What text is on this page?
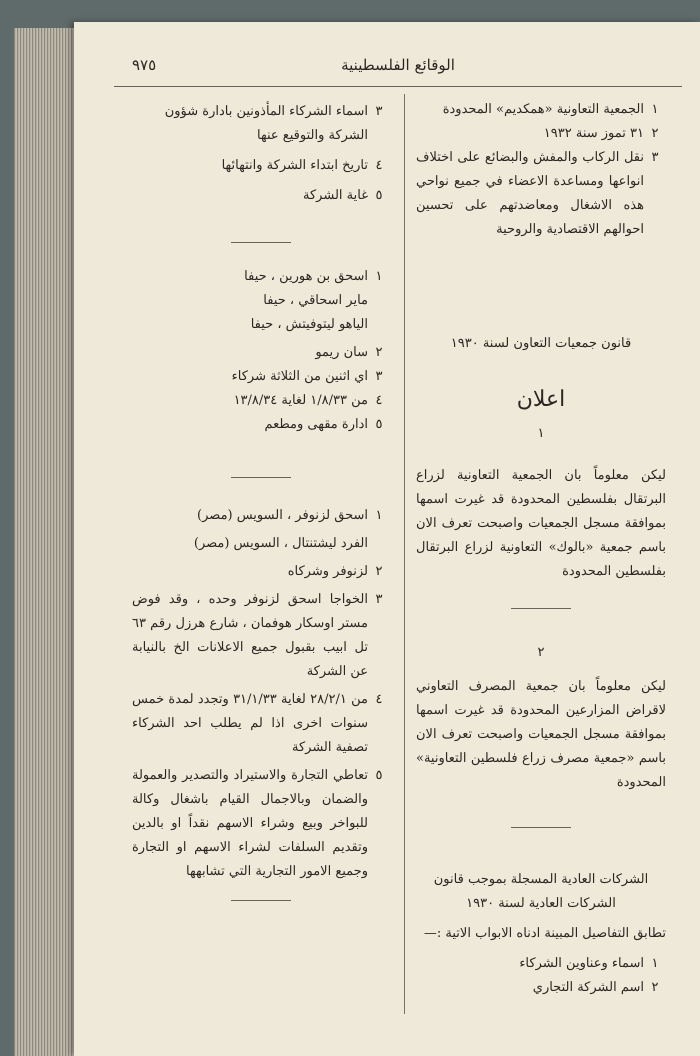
الوقائع الفلسطينية
٩٧٥
١
الجمعية التعاونية «همكديم» المحدودة
٢
٣١ تموز سنة ١٩٣٢
٣
نقل الركاب والمفش والبضائع على اختلاف انواعها ومساعدة الاعضاء في جميع نواحي هذه الاشغال ومعاضدتهم على تحسين احوالهم الاقتصادية والروحية
قانون جمعيات التعاون لسنة ١٩٣٠
اعلان
١

ليكن معلوماً بان الجمعية التعاونية لزراع البرتقال بفلسطين المحدودة قد غيرت اسمها بموافقة مسجل الجمعيات واصبحت تعرف الان باسم جمعية «بالوك» التعاونية لزراع البرتقال بفلسطين المحدودة

٢

ليكن معلوماً بان جمعية المصرف التعاوني لاقراض المزارعين المحدودة قد غيرت اسمها بموافقة مسجل الجمعيات واصبحت تعرف الان باسم «جمعية مصرف زراع فلسطين التعاونية» المحدودة

الشركات العادية المسجلة بموجب قانون الشركات العادية لسنة ١٩٣٠
تطابق التفاصيل المبينة ادناه الابواب الاتية :—
١
اسماء وعناوين الشركاء
٢
اسم الشركة التجاري
٣
اسماء الشركاء المأذونين بادارة شؤون الشركة والتوقيع عنها
٤
تاريخ ابتداء الشركة وانتهائها
٥
غاية الشركة
١
اسحق بن هورين ، حيفا
ماير اسحاقي ، حيفا
الياهو ليتوفيتش ، حيفا
٢
سان ريمو
٣
اي اثنين من الثلاثة شركاء
٤
من ١/٨/٣٣ لغاية ١٣/٨/٣٤
٥
ادارة مقهى ومطعم
١
اسحق لزنوفر ، السويس (مصر)
الفرد ليشتنتال ، السويس (مصر)
٢
لزنوفر وشركاه
٣
الخواجا اسحق لزنوفر وحده ، وقد فوض مستر اوسكار هوفمان ، شارع هرزل رقم ٦٣ تل ابيب بقبول جميع الاعلانات الخ بالنيابة عن الشركة
٤
من ٢٨/٢/١ لغاية ٣١/١/٣٣ وتجدد لمدة خمس سنوات اخرى اذا لم يطلب احد الشركاء تصفية الشركة
٥
تعاطي التجارة والاستيراد والتصدير والعمولة والضمان وبالاجمال القيام باشغال وكالة للبواخر وبيع وشراء الاسهم نقداً او بالدين وتقديم السلفات لشراء الاسهم او التجارة وجميع الامور التجارية التي تشابهها
